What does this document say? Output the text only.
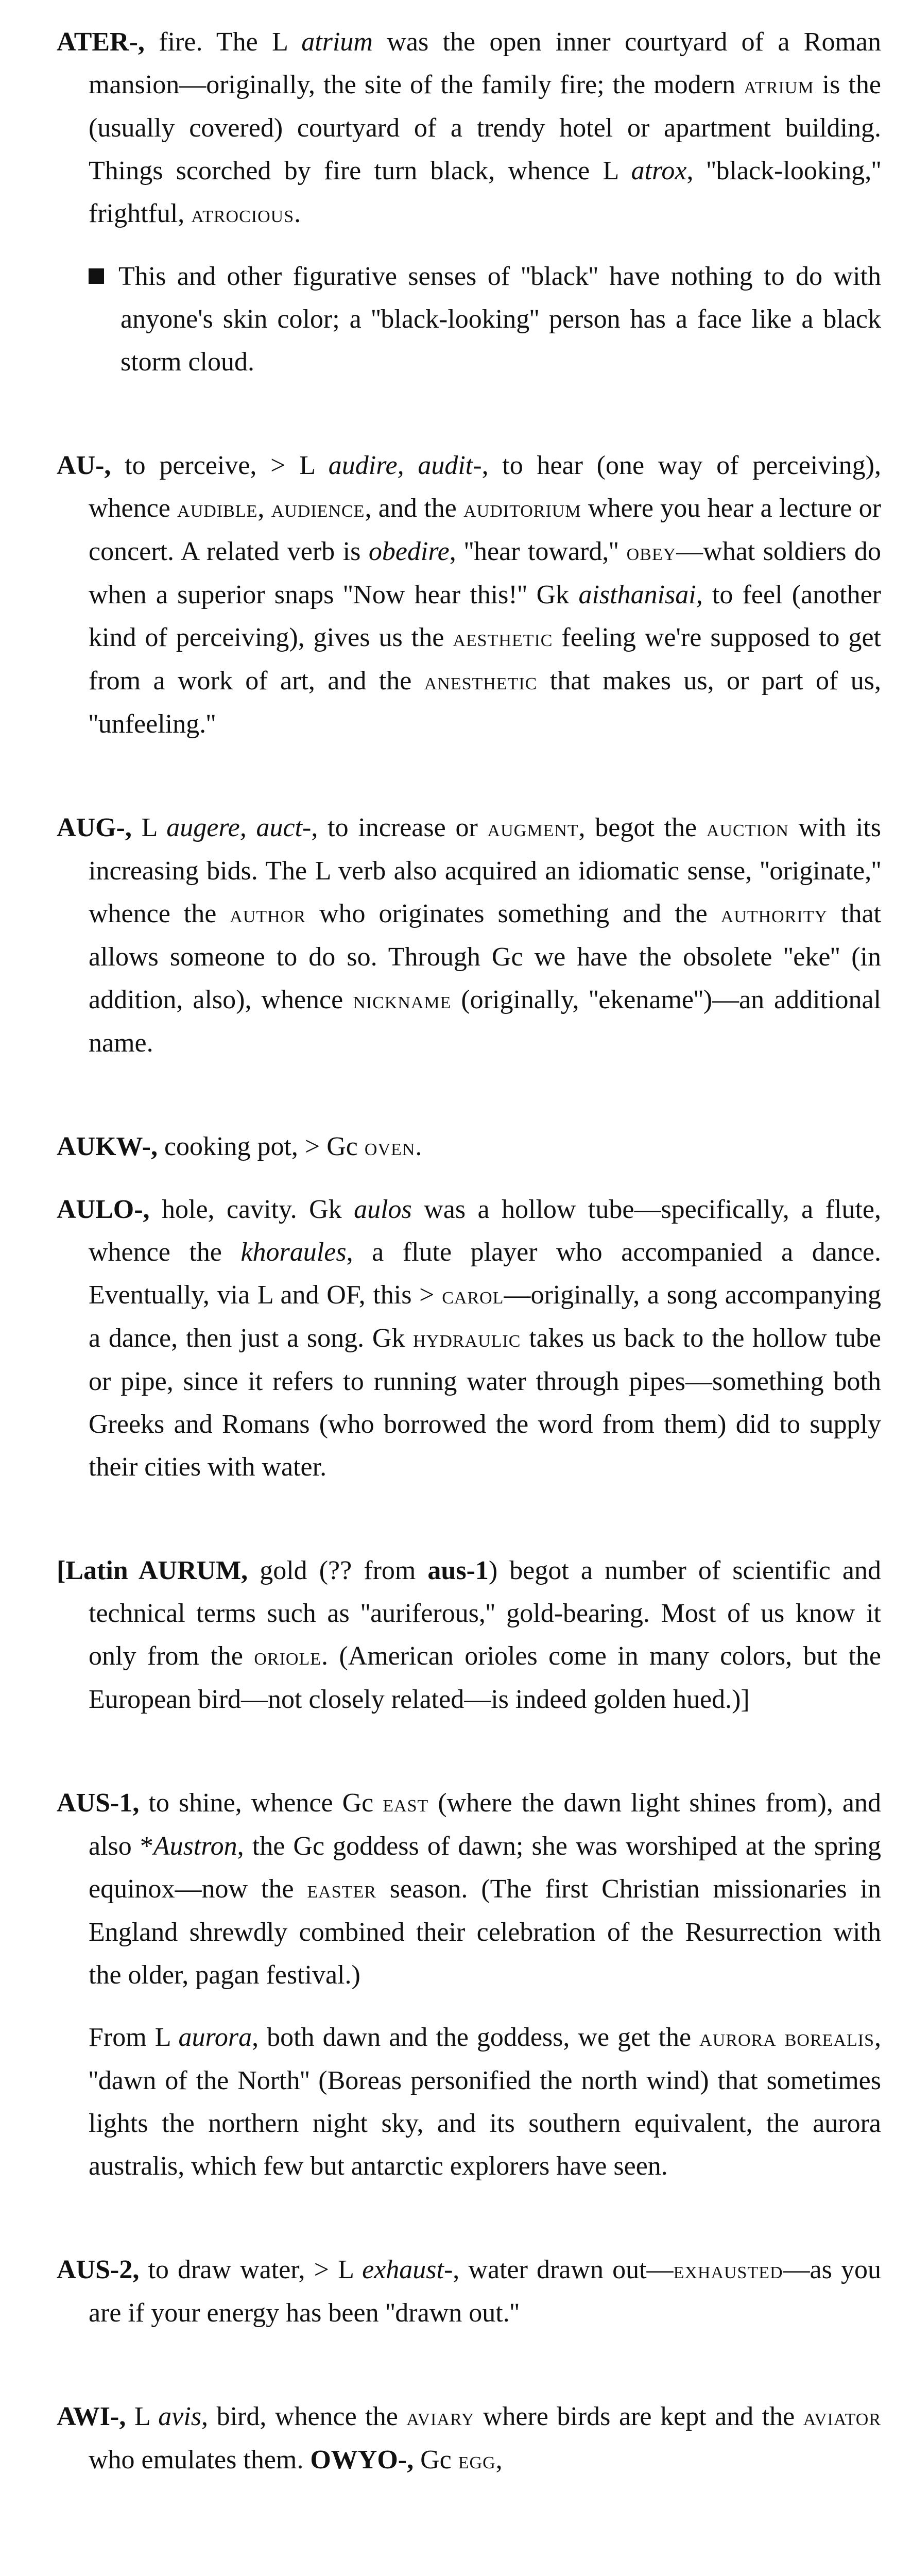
ATER-, fire. The L atrium was the open inner courtyard of a Roman mansion—originally, the site of the family fire; the modern atrium is the (usually covered) courtyard of a trendy hotel or apartment building. Things scorched by fire turn black, whence L atrox, ''black-looking,'' frightful, atrocious.

This and other figurative senses of ''black'' have nothing to do with anyone's skin color; a ''black-looking'' person has a face like a black storm cloud.

AU-, to perceive, > L audire, audit-, to hear (one way of perceiving), whence audible, audience, and the auditorium where you hear a lecture or concert. A related verb is obedire, ''hear toward,'' obey—what soldiers do when a superior snaps ''Now hear this!'' Gk aisthanisai, to feel (another kind of perceiving), gives us the aesthetic feeling we're supposed to get from a work of art, and the anesthetic that makes us, or part of us, ''unfeeling.''

AUG-, L augere, auct-, to increase or augment, begot the auction with its increasing bids. The L verb also acquired an idiomatic sense, ''originate,'' whence the author who originates something and the authority that allows someone to do so. Through Gc we have the obsolete ''eke'' (in addition, also), whence nickname (originally, ''ekename'')—an additional name.

AUKW-, cooking pot, > Gc oven.

AULO-, hole, cavity. Gk aulos was a hollow tube—specifically, a flute, whence the khoraules, a flute player who accompanied a dance. Eventually, via L and OF, this > carol—originally, a song accompanying a dance, then just a song. Gk hydraulic takes us back to the hollow tube or pipe, since it refers to running water through pipes—something both Greeks and Romans (who borrowed the word from them) did to supply their cities with water.

[Latin AURUM, gold (?? from aus-1) begot a number of scientific and technical terms such as ''auriferous,'' gold-bearing. Most of us know it only from the oriole. (American orioles come in many colors, but the European bird—not closely related—is indeed golden hued.)]

AUS-1, to shine, whence Gc east (where the dawn light shines from), and also *Austron, the Gc goddess of dawn; she was worshiped at the spring equinox—now the easter season. (The first Christian missionaries in England shrewdly combined their celebration of the Resurrection with the older, pagan festival.)

From L aurora, both dawn and the goddess, we get the aurora borealis, ''dawn of the North'' (Boreas personified the north wind) that sometimes lights the northern night sky, and its southern equivalent, the aurora australis, which few but antarctic explorers have seen.

AUS-2, to draw water, > L exhaust-, water drawn out—exhausted—as you are if your energy has been ''drawn out.''

AWI-, L avis, bird, whence the aviary where birds are kept and the aviator who emulates them. OWYO-, Gc egg,
